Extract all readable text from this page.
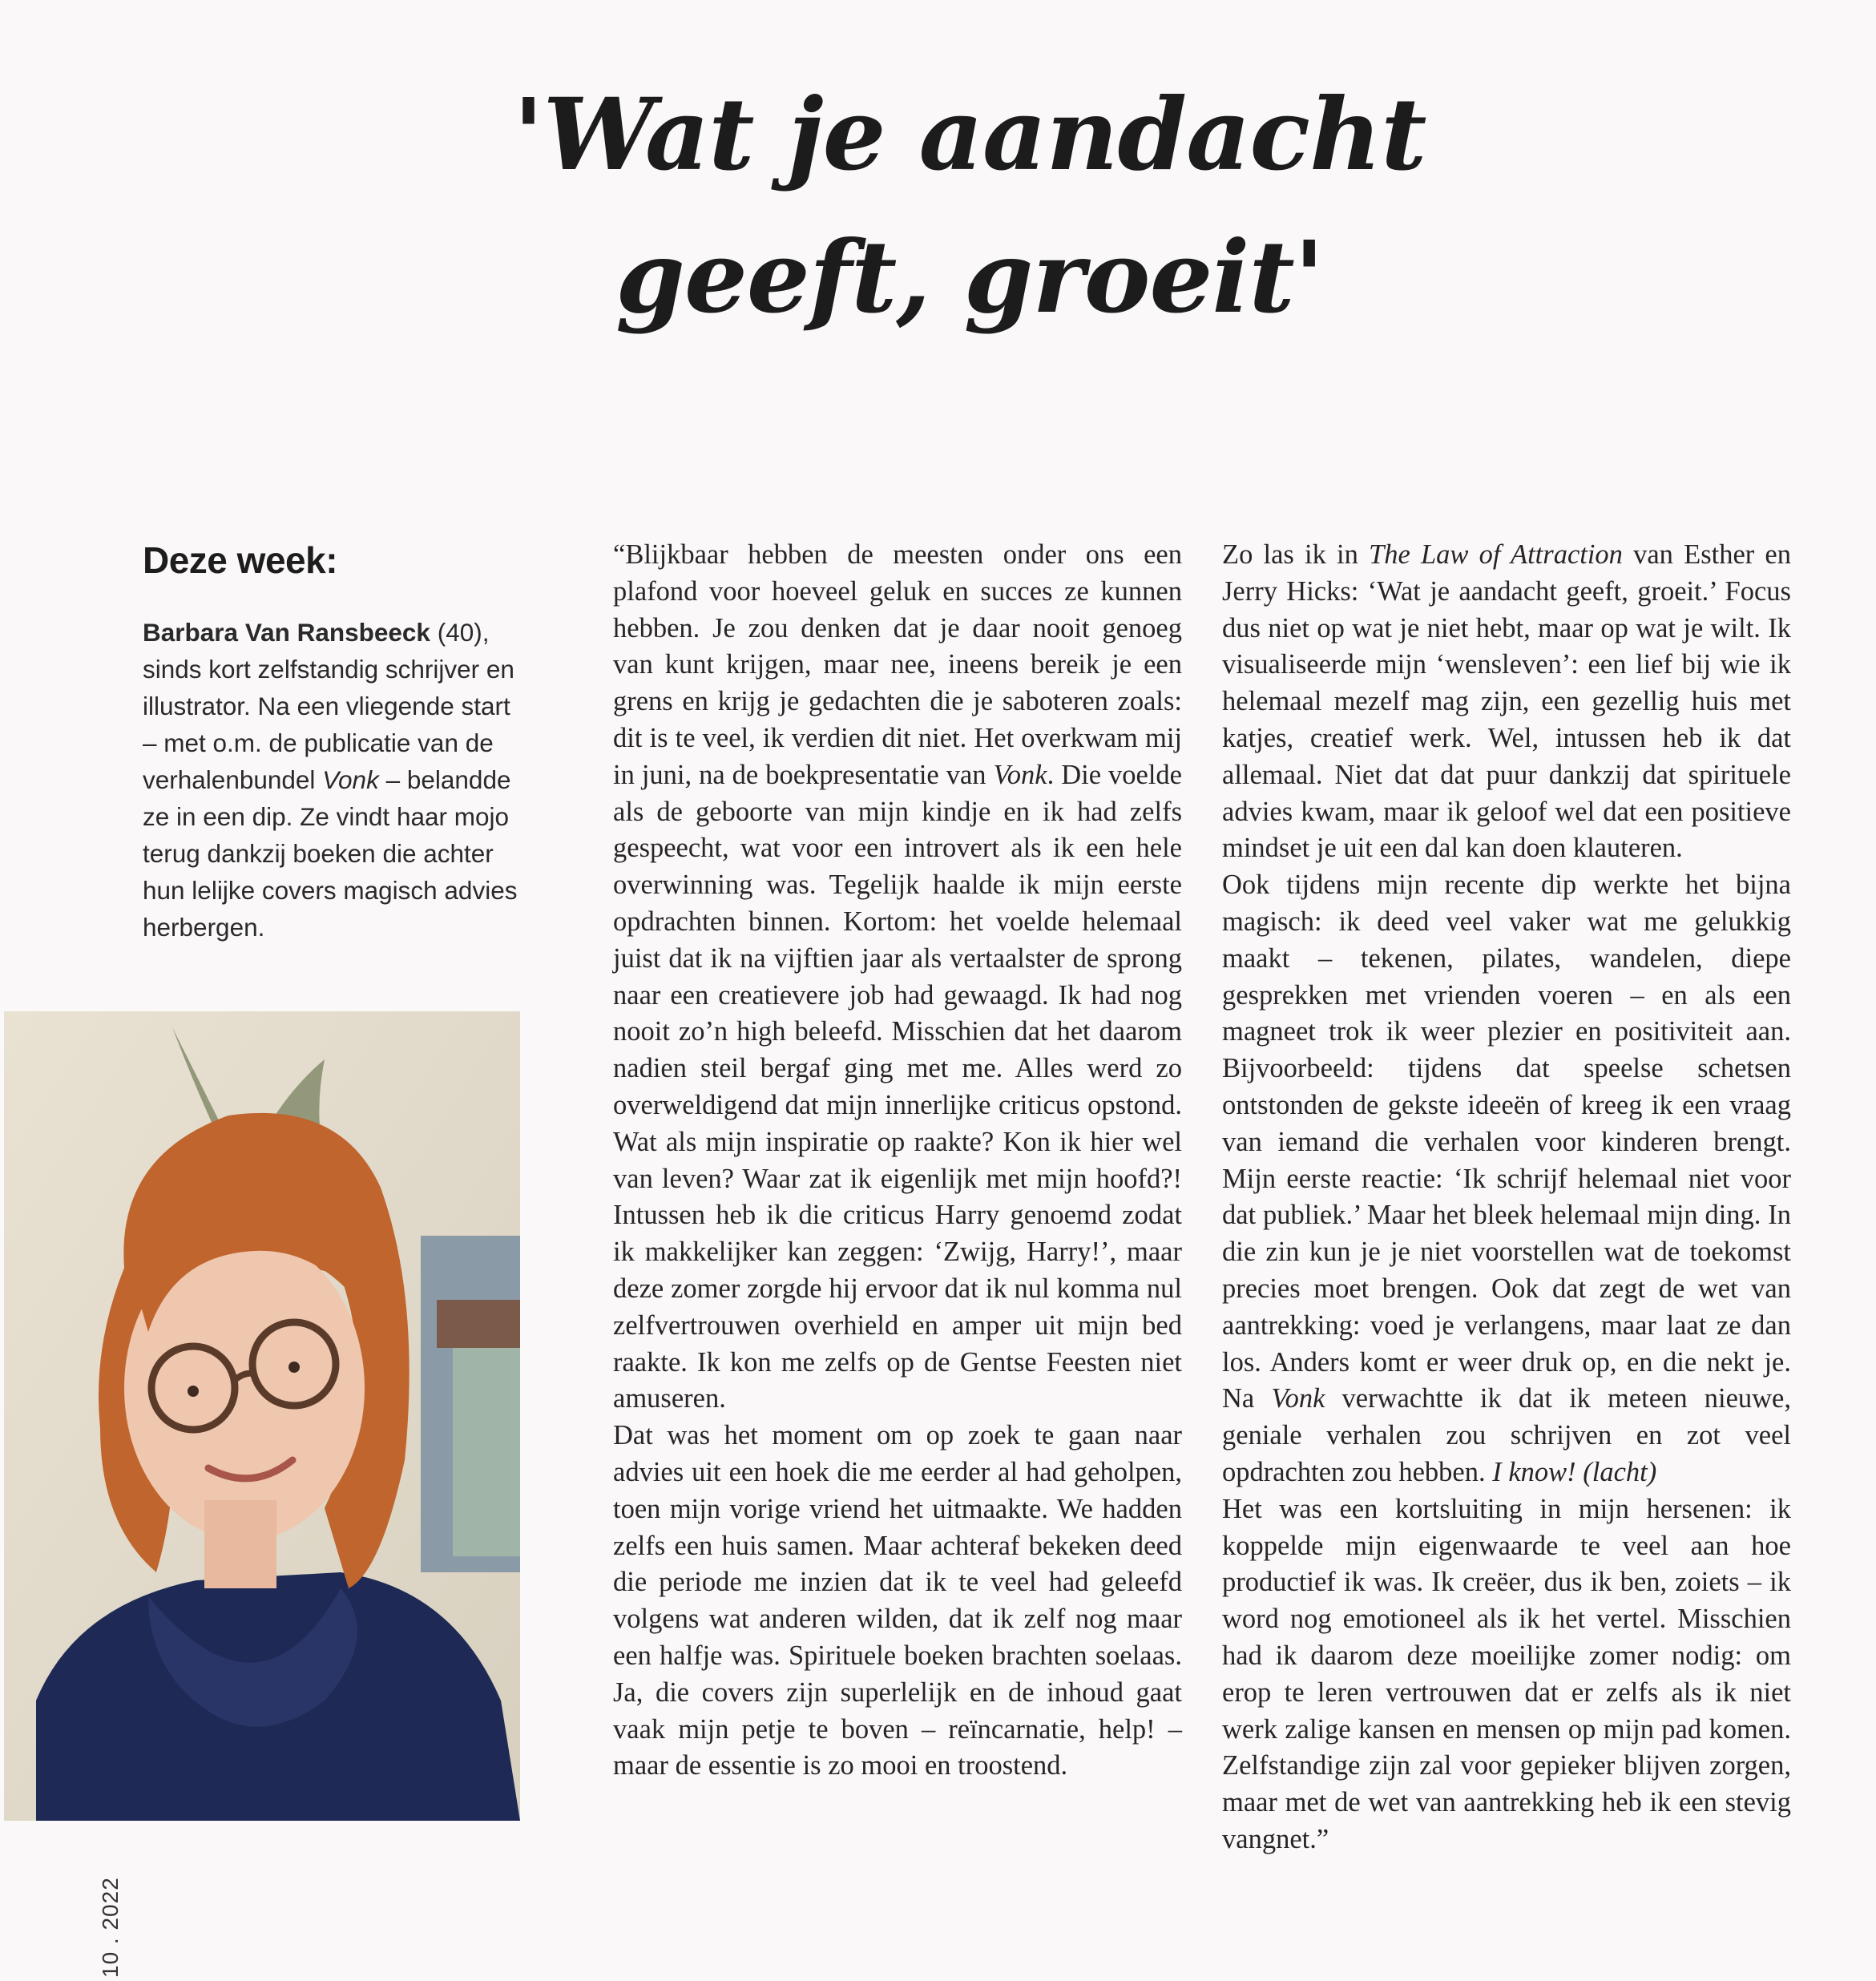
'Wat je aandacht
geeft, groeit'
Deze week:

Barbara Van Ransbeeck (40), sinds kort zelfstandig schrijver en illustrator. Na een vliegende start – met o.m. de publicatie van de verhalenbundel Vonk – belandde ze in een dip. Ze vindt haar mojo terug dankzij boeken die achter hun lelijke covers magisch advies herbergen.

“Blijkbaar hebben de meesten onder ons een plafond voor hoeveel geluk en succes ze kunnen hebben. Je zou denken dat je daar nooit genoeg van kunt krijgen, maar nee, ineens bereik je een grens en krijg je gedachten die je saboteren zoals: dit is te veel, ik verdien dit niet. Het overkwam mij in juni, na de boekpresentatie van Vonk. Die voelde als de geboorte van mijn kindje en ik had zelfs gespeecht, wat voor een introvert als ik een hele overwinning was. Tegelijk haalde ik mijn eerste opdrachten binnen. Kortom: het voelde helemaal juist dat ik na vijftien jaar als vertaalster de sprong naar een creatievere job had gewaagd. Ik had nog nooit zo’n high beleefd. Misschien dat het daarom nadien steil bergaf ging met me. Alles werd zo overweldigend dat mijn innerlijke criticus opstond. Wat als mijn inspiratie op raakte? Kon ik hier wel van leven? Waar zat ik eigenlijk met mijn hoofd?! Intussen heb ik die criticus Harry genoemd zodat ik makkelijker kan zeggen: ‘Zwijg, Harry!’, maar deze zomer zorgde hij ervoor dat ik nul komma nul zelfvertrouwen overhield en amper uit mijn bed raakte. Ik kon me zelfs op de Gentse Feesten niet amuseren.

Dat was het moment om op zoek te gaan naar advies uit een hoek die me eerder al had geholpen, toen mijn vorige vriend het uitmaakte. We hadden zelfs een huis samen. Maar achteraf bekeken deed die periode me inzien dat ik te veel had geleefd volgens wat anderen wilden, dat ik zelf nog maar een halfje was. Spirituele boeken brachten soelaas. Ja, die covers zijn superlelijk en de inhoud gaat vaak mijn petje te boven – reïncarnatie, help! – maar de essentie is zo mooi en troostend.

Zo las ik in The Law of Attraction van Esther en Jerry Hicks: ‘Wat je aandacht geeft, groeit.’ Focus dus niet op wat je niet hebt, maar op wat je wilt. Ik visualiseerde mijn ‘wensleven’: een lief bij wie ik helemaal mezelf mag zijn, een gezellig huis met katjes, creatief werk. Wel, intussen heb ik dat allemaal. Niet dat dat puur dankzij dat spirituele advies kwam, maar ik geloof wel dat een positieve mindset je uit een dal kan doen klauteren.

Ook tijdens mijn recente dip werkte het bijna magisch: ik deed veel vaker wat me gelukkig maakt – tekenen, pilates, wandelen, diepe gesprekken met vrienden voeren – en als een magneet trok ik weer plezier en positiviteit aan. Bijvoorbeeld: tijdens dat speelse schetsen ontstonden de gekste ideeën of kreeg ik een vraag van iemand die verhalen voor kinderen brengt. Mijn eerste reactie: ‘Ik schrijf helemaal niet voor dat publiek.’ Maar het bleek helemaal mijn ding. In die zin kun je je niet voorstellen wat de toekomst precies moet brengen. Ook dat zegt de wet van aantrekking: voed je verlangens, maar laat ze dan los. Anders komt er weer druk op, en die nekt je. Na Vonk verwachtte ik dat ik meteen nieuwe, geniale verhalen zou schrijven en zot veel opdrachten zou hebben. I know! (lacht)

Het was een kortsluiting in mijn hersenen: ik koppelde mijn eigenwaarde te veel aan hoe productief ik was. Ik creëer, dus ik ben, zoiets – ik word nog emotioneel als ik het vertel. Misschien had ik daarom deze moeilijke zomer nodig: om erop te leren vertrouwen dat er zelfs als ik niet werk zalige kansen en mensen op mijn pad komen. Zelfstandige zijn zal voor gepieker blijven zorgen, maar met de wet van aantrekking heb ik een stevig vangnet.”

10 . 2022
